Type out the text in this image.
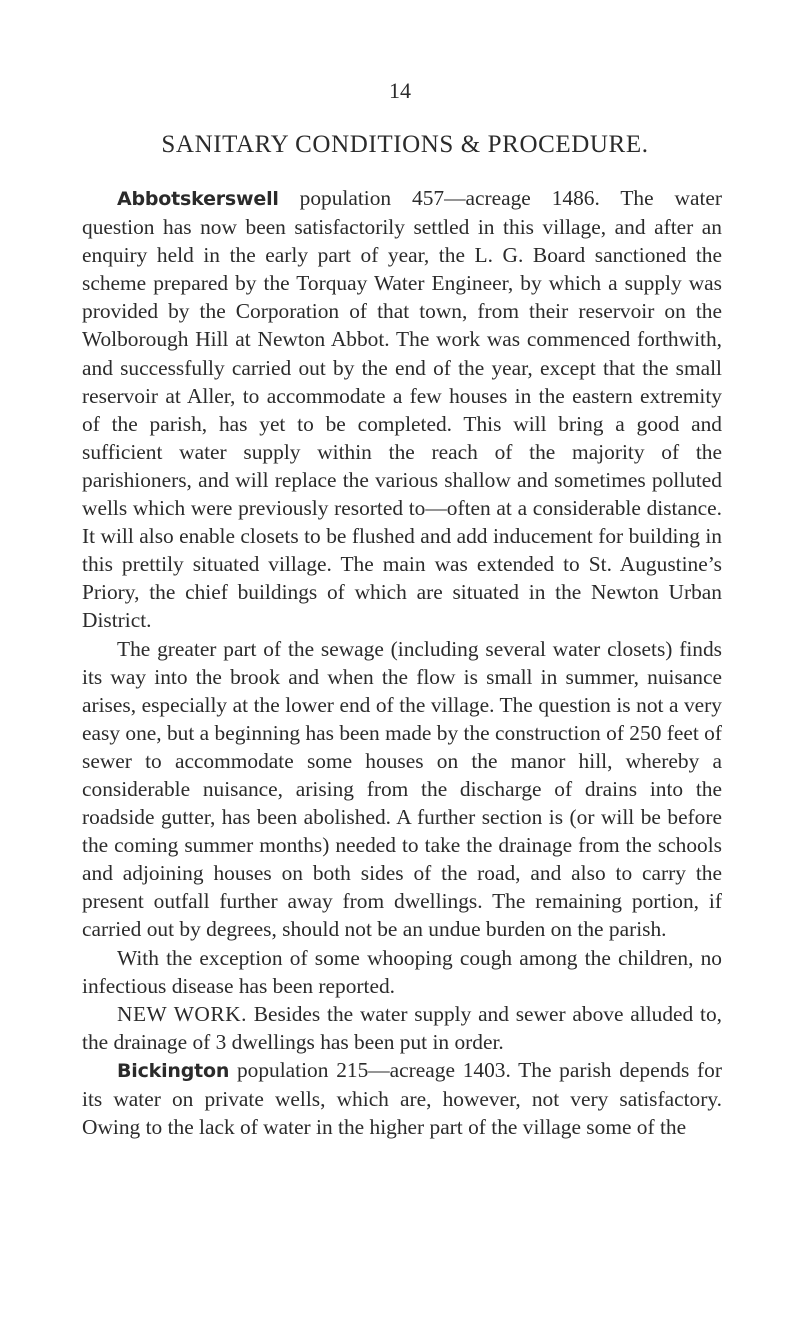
14
SANITARY CONDITIONS & PROCEDURE.

Abbotskerswell population 457—acreage 1486. The water question has now been satisfactorily settled in this village, and after an enquiry held in the early part of year, the L. G. Board sanctioned the scheme prepared by the Torquay Water Engineer, by which a supply was provided by the Corporation of that town, from their reservoir on the Wolborough Hill at Newton Abbot. The work was commenced forthwith, and successfully carried out by the end of the year, except that the small reservoir at Aller, to accommodate a few houses in the eastern extremity of the parish, has yet to be completed. This will bring a good and sufficient water supply within the reach of the majority of the parishioners, and will replace the various shallow and sometimes polluted wells which were previously resorted to—often at a considerable distance. It will also enable closets to be flushed and add inducement for building in this prettily situated village. The main was extended to St. Augustine’s Priory, the chief buildings of which are situated in the Newton Urban District.

The greater part of the sewage (including several water closets) finds its way into the brook and when the flow is small in summer, nuisance arises, especially at the lower end of the village. The question is not a very easy one, but a beginning has been made by the construction of 250 feet of sewer to accommodate some houses on the manor hill, whereby a considerable nuisance, arising from the discharge of drains into the roadside gutter, has been abolished. A further section is (or will be before the coming summer months) needed to take the drainage from the schools and adjoining houses on both sides of the road, and also to carry the present outfall further away from dwellings. The remaining portion, if carried out by degrees, should not be an undue burden on the parish.

With the exception of some whooping cough among the children, no infectious disease has been reported.

NEW WORK. Besides the water supply and sewer above alluded to, the drainage of 3 dwellings has been put in order.

Bickington population 215—acreage 1403. The parish depends for its water on private wells, which are, however, not very satisfactory. Owing to the lack of water in the higher part of the village some of the
